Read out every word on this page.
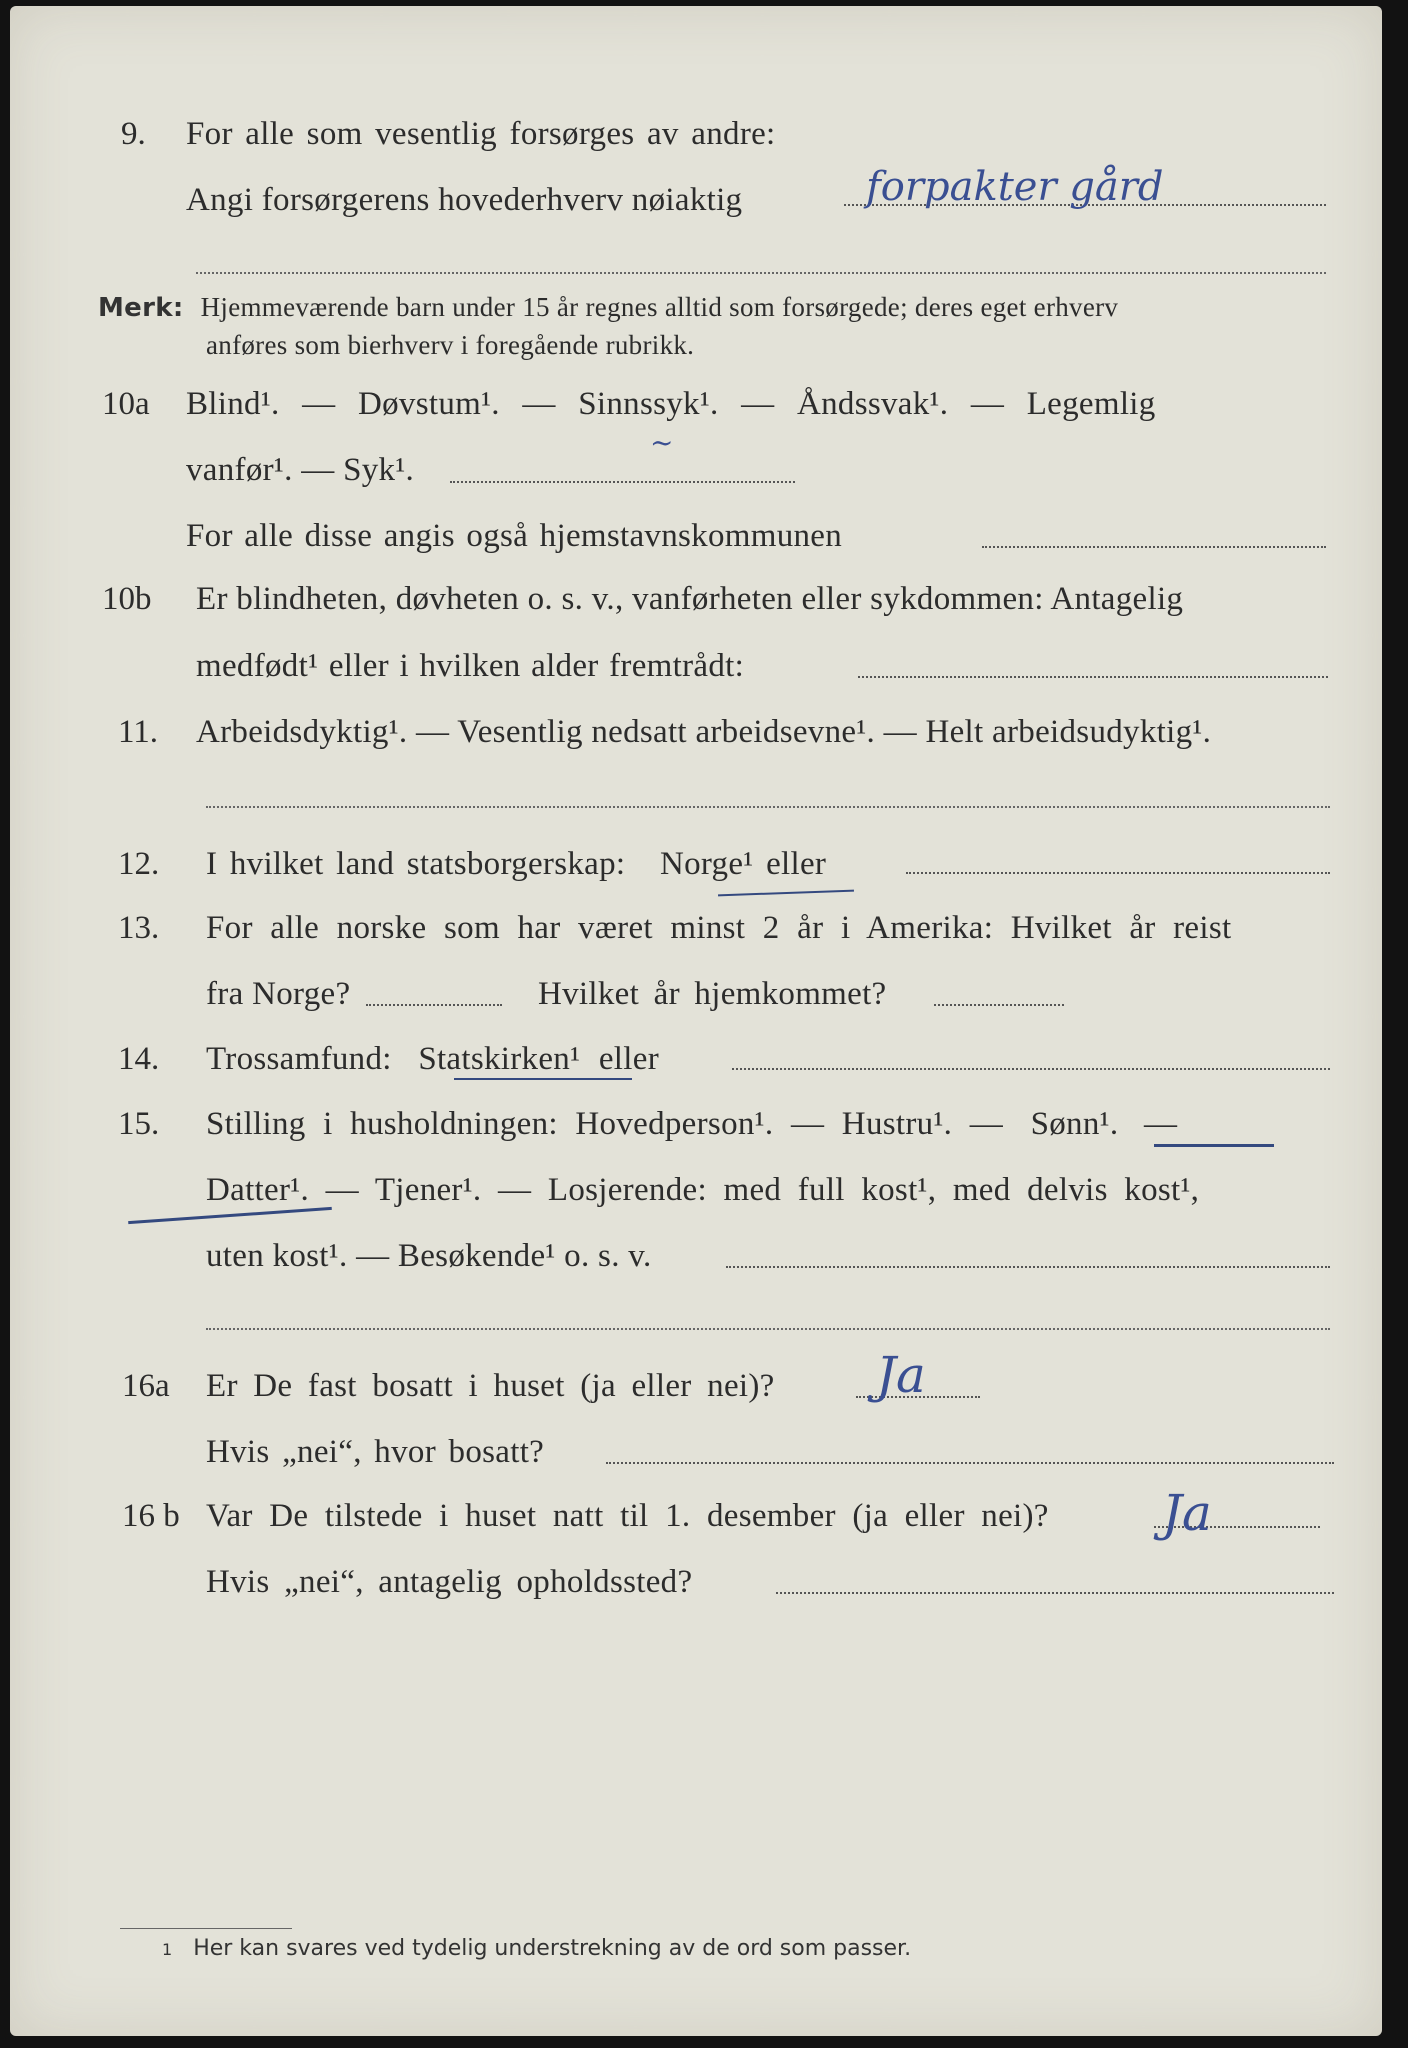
9. For alle som vesentlig forsørges av andre:
Angi forsørgerens hovederhverv nøiaktig	forpakter gård
Merk: Hjemmeværende barn under 15 år regnes alltid som forsørgede; deres eget erhverv
anføres som bierhverv i foregående rubrikk.
10a Blind¹. — Døvstum¹. — Sinnssyk¹. — Åndssvak¹. — Legemlig
vanfør¹. — Syk¹.
~
For alle disse angis også hjemstavnskommunen
10b Er blindheten, døvheten o. s. v., vanførheten eller sykdommen: Antagelig
medfødt¹ eller i hvilken alder fremtrådt:
11. Arbeidsdyktig¹. — Vesentlig nedsatt arbeidsevne¹. — Helt arbeidsudyktig¹.
12. I hvilket land statsborgerskap: Norge¹ eller
13. For alle norske som har været minst 2 år i Amerika: Hvilket år reist
fra Norge?	Hvilket år hjemkommet?
14. Trossamfund: Statskirken¹ eller
15. Stilling i husholdningen: Hovedperson¹. — Hustru¹. — Sønn¹. —
Datter¹. — Tjener¹. — Losjerende: med full kost¹, med delvis kost¹,
uten kost¹. — Besøkende¹ o. s. v.
16a Er De fast bosatt i huset (ja eller nei)? Ja
Hvis „nei“, hvor bosatt?
16 b Var De tilstede i huset natt til 1. desember (ja eller nei)? Ja
Hvis „nei“, antagelig opholdssted?
1 Her kan svares ved tydelig understrekning av de ord som passer.
